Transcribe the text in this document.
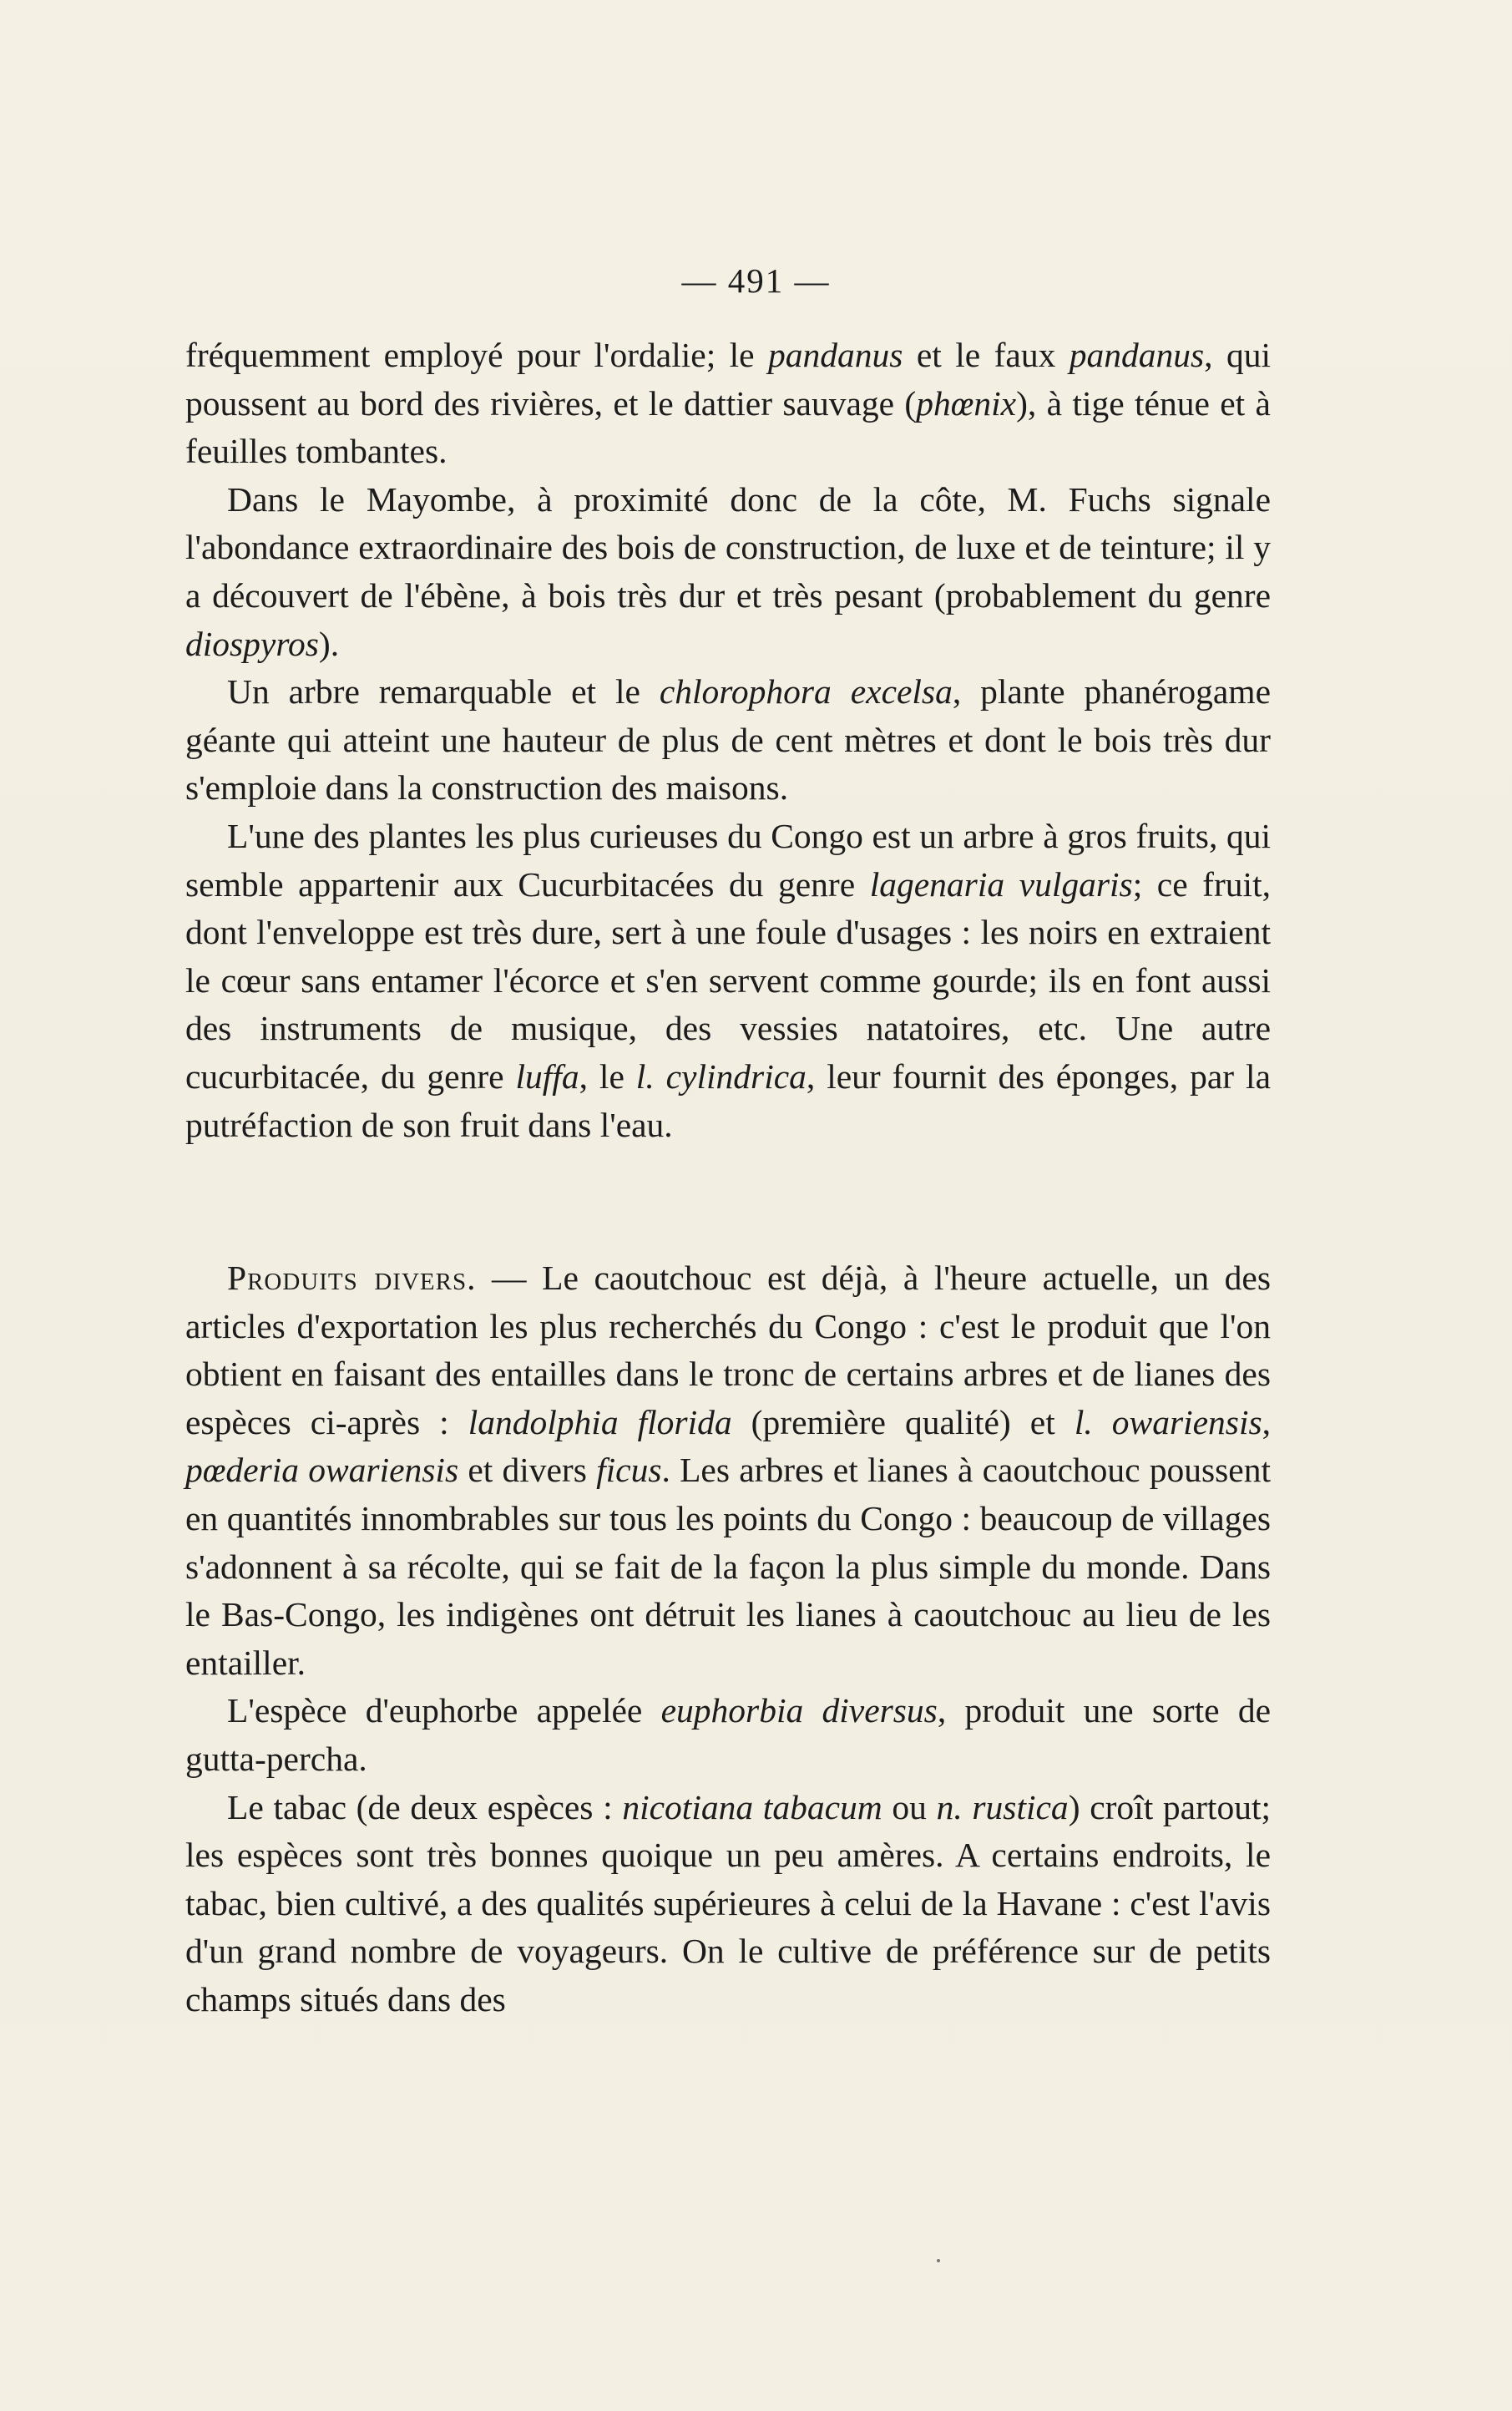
— 491 —

fréquemment employé pour l'ordalie; le pandanus et le faux pandanus, qui poussent au bord des rivières, et le dattier sauvage (phœnix), à tige ténue et à feuilles tombantes.

Dans le Mayombe, à proximité donc de la côte, M. Fuchs signale l'abondance extraordinaire des bois de construction, de luxe et de teinture; il y a découvert de l'ébène, à bois très dur et très pesant (probablement du genre diospyros).

Un arbre remarquable et le chlorophora excelsa, plante phanérogame géante qui atteint une hauteur de plus de cent mètres et dont le bois très dur s'emploie dans la construction des maisons.

L'une des plantes les plus curieuses du Congo est un arbre à gros fruits, qui semble appartenir aux Cucurbitacées du genre lagenaria vulgaris; ce fruit, dont l'enveloppe est très dure, sert à une foule d'usages : les noirs en extraient le cœur sans entamer l'écorce et s'en servent comme gourde; ils en font aussi des instruments de musique, des vessies natatoires, etc. Une autre cucurbitacée, du genre luffa, le l. cylindrica, leur fournit des éponges, par la putréfaction de son fruit dans l'eau.

Produits divers. — Le caoutchouc est déjà, à l'heure actuelle, un des articles d'exportation les plus recherchés du Congo : c'est le produit que l'on obtient en faisant des entailles dans le tronc de certains arbres et de lianes des espèces ci-après : landolphia florida (première qualité) et l. owariensis, pœderia owariensis et divers ficus. Les arbres et lianes à caoutchouc poussent en quantités innombrables sur tous les points du Congo : beaucoup de villages s'adonnent à sa récolte, qui se fait de la façon la plus simple du monde. Dans le Bas-Congo, les indigènes ont détruit les lianes à caoutchouc au lieu de les entailler.

L'espèce d'euphorbe appelée euphorbia diversus, produit une sorte de gutta-percha.

Le tabac (de deux espèces : nicotiana tabacum ou n. rustica) croît partout; les espèces sont très bonnes quoique un peu amères. A certains endroits, le tabac, bien cultivé, a des qualités supérieures à celui de la Havane : c'est l'avis d'un grand nombre de voyageurs. On le cultive de préférence sur de petits champs situés dans des
